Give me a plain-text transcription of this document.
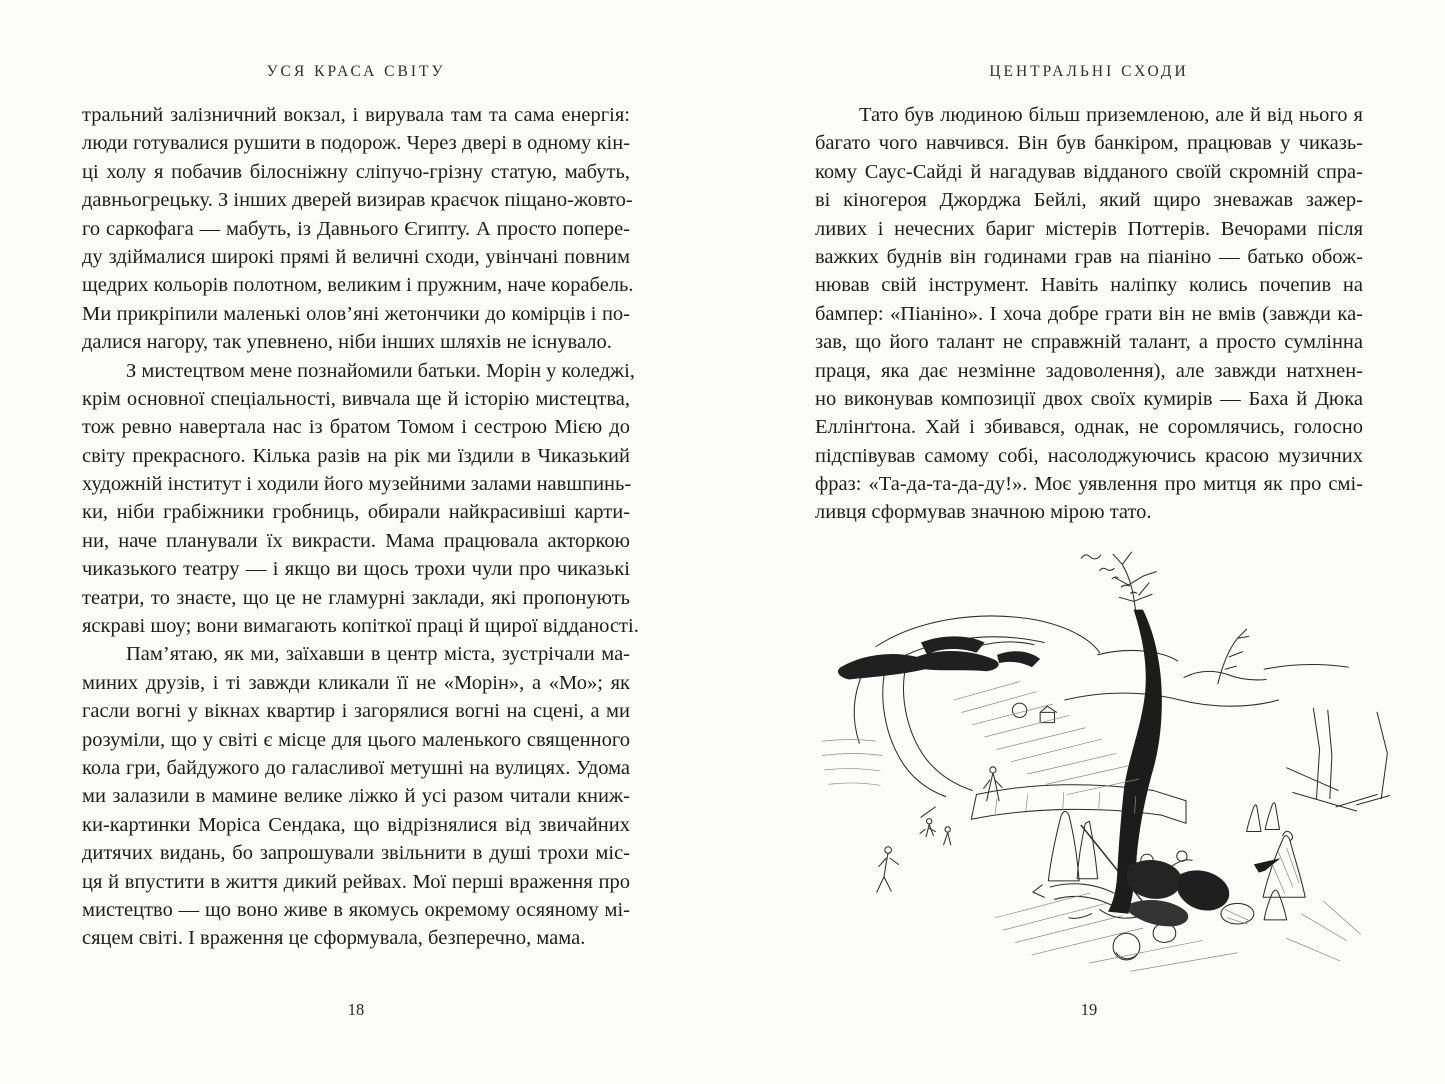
УСЯ КРАСА СВІТУ
тральний залізничний вокзал, і вирувала там та сама енергія:
люди готувалися рушити в подорож. Через двері в одному кін-
ці холу я побачив білосніжну сліпучо-грізну статую, мабуть,
давньогрецьку. З інших дверей визирав краєчок піщано-жовто-
го саркофага — мабуть, із Давнього Єгипту. А просто попере-
ду здіймалися широкі прямі й величні сходи, увінчані повним
щедрих кольорів полотном, великим і пружним, наче корабель.
Ми прикріпили маленькі олов’яні жетончики до комірців і по-
далися нагору, так упевнено, ніби інших шляхів не існувало.
З мистецтвом мене познайомили батьки. Морін у коледжі,
крім основної спеціальності, вивчала ще й історію мистецтва,
тож ревно навертала нас із братом Томом і сестрою Мією до
світу прекрасного. Кілька разів на рік ми їздили в Чиказький
художній інститут і ходили його музейними залами навшпинь-
ки, ніби грабіжники гробниць, обирали найкрасивіші карти-
ни, наче планували їх викрасти. Мама працювала акторкою
чиказького театру — і якщо ви щось трохи чули про чиказькі
театри, то знаєте, що це не гламурні заклади, які пропонують
яскраві шоу; вони вимагають копіткої праці й щирої відданості.
Пам’ятаю, як ми, заїхавши в центр міста, зустрічали ма-
миних друзів, і ті завжди кликали її не «Морін», а «Мо»; як
гасли вогні у вікнах квартир і загорялися вогні на сцені, а ми
розуміли, що у світі є місце для цього маленького священного
кола гри, байдужого до галасливої метушні на вулицях. Удома
ми залазили в мамине велике ліжко й усі разом читали книж-
ки-картинки Моріса Сендака, що відрізнялися від звичайних
дитячих видань, бо запрошували звільнити в душі трохи міс-
ця й впустити в життя дикий рейвах. Мої перші враження про
мистецтво — що воно живе в якомусь окремому осяяному мі-
сяцем світі. І враження це сформувала, безперечно, мама.
18
ЦЕНТРАЛЬНІ СХОДИ
Тато був людиною більш приземленою, але й від нього я
багато чого навчився. Він був банкіром, працював у чиказь-
кому Саус-Сайді й нагадував відданого своїй скромній спра-
ві кіногероя Джорджа Бейлі, який щиро зневажав зажер-
ливих і нечесних бариг містерів Поттерів. Вечорами після
важких буднів він годинами грав на піаніно — батько обож-
нював свій інструмент. Навіть наліпку колись почепив на
бампер: «Піаніно». І хоча добре грати він не вмів (завжди ка-
зав, що його талант не справжній талант, а просто сумлінна
праця, яка дає незмінне задоволення), але завжди натхнен-
но виконував композиції двох своїх кумирів — Баха й Дюка
Еллінґтона. Хай і збивався, однак, не соромлячись, голосно
підспівував самому собі, насолоджуючись красою музичних
фраз: «Та-да-та-да-ду!». Моє уявлення про митця як про смі-
ливця сформував значною мірою тато.
19
